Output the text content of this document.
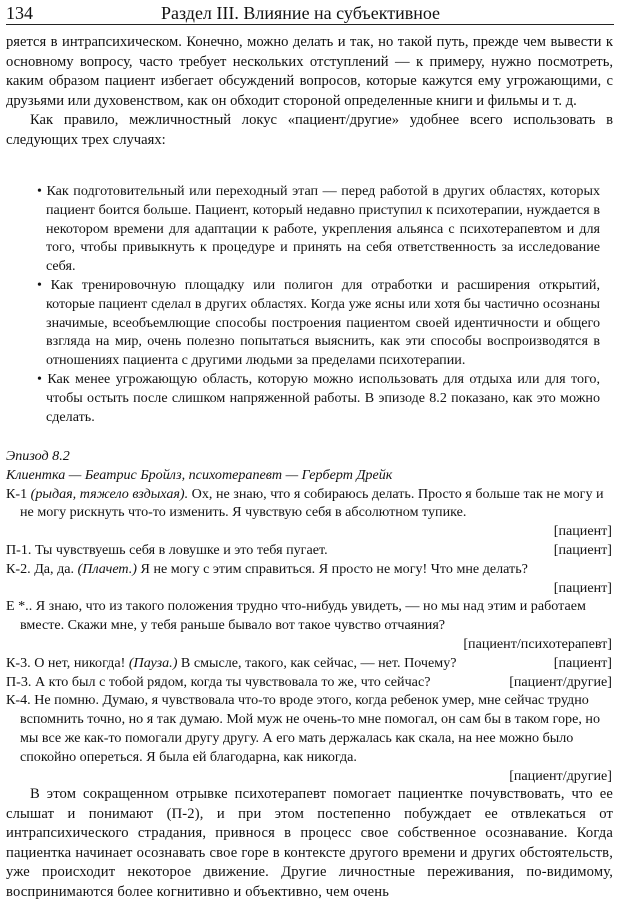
134	Раздел III. Влияние на субъективное

ряется в интрапсихическом. Конечно, можно делать и так, но такой путь, прежде чем вывести к основному вопросу, часто требует нескольких отступлений — к примеру, нужно посмотреть, каким образом пациент избегает обсуждений вопросов, которые кажутся ему угрожающими, с друзьями или духовенством, как он обходит стороной определенные книги и фильмы и т. д.

Как правило, межличностный локус «пациент/другие» удобнее всего использовать в следующих трех случаях:

• Как подготовительный или переходный этап — перед работой в других областях, которых пациент боится больше. Пациент, который недавно приступил к психотерапии, нуждается в некотором времени для адаптации к работе, укрепления альянса с психотерапевтом и для того, чтобы привыкнуть к процедуре и принять на себя ответственность за исследование себя.
• Как тренировочную площадку или полигон для отработки и расширения открытий, которые пациент сделал в других областях. Когда уже ясны или хотя бы частично осознаны значимые, всеобъемлющие способы построения пациентом своей идентичности и общего взгляда на мир, очень полезно попытаться выяснить, как эти способы воспроизводятся в отношениях пациента с другими людьми за пределами психотерапии.
• Как менее угрожающую область, которую можно использовать для отдыха или для того, чтобы остыть после слишком напряженной работы. В эпизоде 8.2 показано, как это можно сделать.

Эпизод 8.2

Клиентка — Беатрис Бройлз, психотерапевт — Герберт Дрейк

К-1 (рыдая, тяжело вздыхая). Ох, не знаю, что я собираюсь делать. Просто я больше так не могу и не могу рискнуть что-то изменить. Я чувствую себя в абсолютном тупике.
[пациент]

[пациент]
П-1. Ты чувствуешь себя в ловушке и это тебя пугает.

К-2. Да, да. (Плачет.) Я не могу с этим справиться. Я просто не могу! Что мне делать?
[пациент]

Е *.. Я знаю, что из такого положения трудно что-нибудь увидеть, — но мы над этим и работаем вместе. Скажи мне, у тебя раньше бывало вот такое чувство отчаяния?
[пациент/психотерапевт]

[пациент]
К-3. О нет, никогда! (Пауза.) В смысле, такого, как сейчас, — нет. Почему?

[пациент/другие]
П-3. А кто был с тобой рядом, когда ты чувствовала то же, что сейчас?

К-4. Не помню. Думаю, я чувствовала что-то вроде этого, когда ребенок умер, мне сейчас трудно вспомнить точно, но я так думаю. Мой муж не очень-то мне помогал, он сам бы в таком горе, но мы все же как-то помогали другу другу. А его мать держалась как скала, на нее можно было спокойно опереться. Я была ей благодарна, как никогда.
[пациент/другие]

В этом сокращенном отрывке психотерапевт помогает пациентке почувствовать, что ее слышат и понимают (П-2), и при этом постепенно побуждает ее отвлекаться от интрапсихического страдания, привнося в процесс свое собственное осознавание. Когда пациентка начинает осознавать свое горе в контексте другого времени и других обстоятельств, уже происходит некоторое движение. Другие личностные переживания, по-видимому, воспринимаются более когнитивно и объективно, чем очень
